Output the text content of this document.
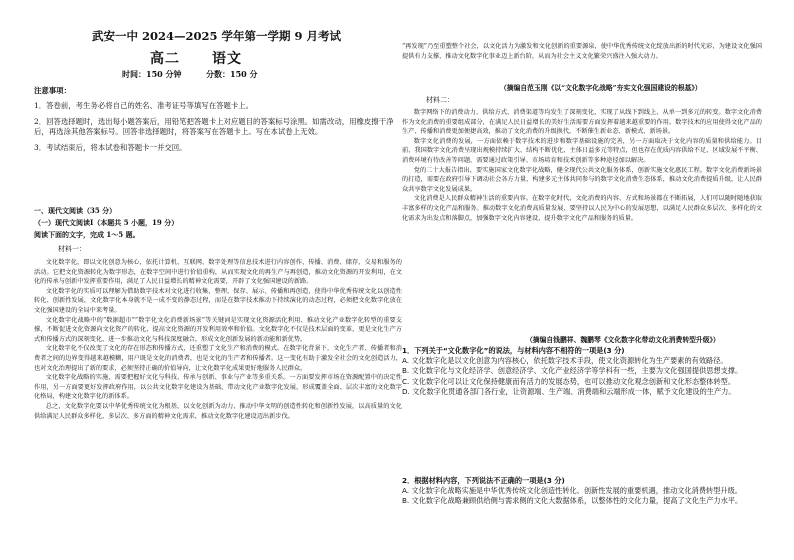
武安一中 2024—2025 学年第一学期 9 月考试
高二 语文
时间：150 分钟	分数：150 分

注意事项：

1．答卷前，考生务必将自己的姓名、准考证号等填写在答题卡上。

2．回答选择题时，选出每小题答案后，用铅笔把答题卡上对应题目的答案标号涂黑。如需改动，用橡皮擦干净后，再选涂其他答案标号。回答非选择题时，将答案写在答题卡上。写在本试卷上无效。

3．考试结束后，将本试卷和答题卡一并交回。

一、现代文阅读（35 分）
（一）现代文阅读Ⅰ（本题共 5 小题，19 分）
阅读下面的文字，完成 1～5 题。
材料一：

文化数字化，即以文化创意为核心，依托计算机、互联网、数字处理等信息技术进行内容创作、传播、消费、储存、交易和服务的活动。它把文化资源转化为数字形态，在数字空间中进行价值重构，从而实现文化的再生产与再创造，推动文化资源的开发利用，在文化的传承与创新中发挥重要作用，满足了人民日益增长的精神文化需要，开辟了文化强国建设的新路。

文化数字化的实质可以理解为借助数字技术对文化进行收集、整理、保存、展示、传播和再创造，使得中华优秀传统文化以创造性转化、创新性发展，文化数字化本身就不是一成不变的静态过程，而是在数字技术推动下持续演化的动态过程，必须把文化数字化放在文化强国建设的全局中来考量。

文化数字化战略中的“数据超市”“数字化文化消费新场景”等关键词是实现文化资源活化利用、推动文化产业数字化转型的重要支撑，不断促进文化资源向文化资产的转化，提高文化资源的开发利用效率和价值。文化数字化不仅是技术层面的变革，更是文化生产方式和传播方式的深刻变化，进一步推动文化与科技深度融合，形成文化创新发展的新动能和新优势。

文化数字化不仅改变了文化的存在形态和传播方式，还重塑了文化生产和消费的模式。在数字化背景下，文化生产者、传播者和消费者之间的边界变得越来越模糊，用户既是文化的消费者，也是文化的生产者和传播者。这一变化有助于激发全社会的文化创造活力，也对文化治理提出了新的要求，必须坚持正确的价值导向，让文化数字化成果更好地服务人民群众。

文化数字化战略的实施，需要把握好文化与科技、传承与创新、事业与产业等多重关系。一方面要发挥市场在资源配置中的决定性作用，另一方面要更好发挥政府作用，以公共文化数字化建设为基础，带动文化产业数字化发展，形成覆盖全面、层次丰富的文化数字化格局，构建文化数字化的新体系。

总之，文化数字化要以中华优秀传统文化为根基，以文化创新为动力，推动中华文明的创造性转化和创新性发展，以高质量的文化供给满足人民群众多样化、多层次、多方面的精神文化需求，推动文化数字化建设迈出新步伐。

“再发现”乃至重塑整个社会，以文化活力为激发和文化创新的重要源泉，使中华优秀传统文化绽放出新的时代光彩，为建设文化强国提供有力支撑，推动文化数字化事业迈上新台阶，从而为社会主义文化繁荣兴盛注入强大动力。

（摘编自范玉刚《以“文化数字化战略”夯实文化强国建设的根基》）
材料二：

数字网络下的消费动力、供给方式、消费渠道等均发生了深刻变化，实现了从线下到线上、从单一到多元的转变。数字文化消费作为文化消费的重要组成部分，在满足人民日益增长的美好生活需要方面发挥着越来越重要的作用。数字技术的应用使得文化产品的生产、传播和消费更加便捷高效，推动了文化消费的升级换代，不断催生新业态、新模式、新场景。

数字文化消费的发展，一方面依赖于数字技术的进步和数字基础设施的完善，另一方面取决于文化内容的质量和供给能力。目前，我国数字文化消费呈现出规模持续扩大、结构不断优化、主体日益多元等特点，但也存在优质内容供给不足、区域发展不平衡、消费环境有待改善等问题，需要通过政策引导、市场培育和技术创新等多种途径加以解决。

党的二十大报告指出，要实施国家文化数字化战略，健全现代公共文化服务体系，创新实施文化惠民工程。数字文化消费新场景的打造，需要在政府引导下调动社会各方力量，构建多元主体共同参与的数字文化消费生态体系，推动文化消费提质升级，让人民群众共享数字文化发展成果。

文化消费是人民群众精神生活的重要内容。在数字化时代，文化消费的内容、方式和场景都在不断拓展，人们可以随时随地获取丰富多样的文化产品和服务。推动数字文化消费高质量发展，要坚持以人民为中心的发展思想，以满足人民群众多层次、多样化的文化需求为出发点和落脚点，加强数字文化内容建设，提升数字文化产品和服务的质量。

（摘编自钱鹏祥、魏鹏琴《文化数字化带动文化消费转型升级》）

1．下列关于“文化数字化”的说法，与材料内容不相符的一项是(3 分)

A. 文化数字化是以文化创意为内容核心，依托数字技术手段，使文化资源转化为生产要素的有效路径。

B. 文化数字化与文化经济学、创意经济学、文化产业经济学等学科有一些，主要为文化强国提供思想支撑。

C. 文化数字化可以让文化保持健康而有活力的发展态势，也可以推动文化观念创新和文化形态整体转型。

D. 文化数字化贯通各部门各行业，让资源端、生产端、消费端和云端形成一体，赋予文化建设的生产力。

2．根据材料内容，下列说法不正确的一项是(3 分)

A. 文化数字化战略实施是中华优秀传统文化创造性转化、创新性发展的重要机遇，推动文化消费转型升级。

B. 文化数字化战略兼顾供给侧与需求侧的文化大数据体系，以整体性的文化力量，提高了文化生产力水平。
